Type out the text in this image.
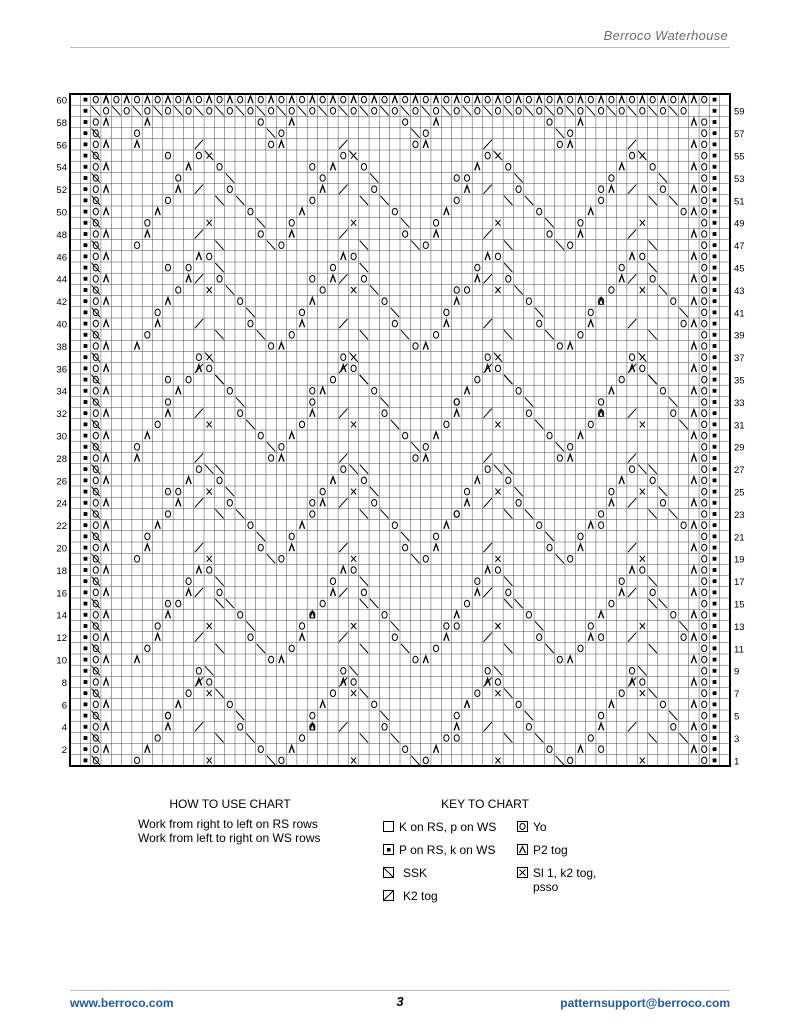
Berroco Waterhouse
60
58
56
54
52
50
48
46
44
42
40
38
36
34
32
30
28
26
24
22
20
18
16
14
12
10
8
6
4
2
59
57
55
53
51
49
47
45
43
41
39
37
35
33
31
29
27
25
23
21
19
17
15
13
11
9
7
5
3
1
HOW TO USE CHART
Work from right to left on RS rows
Work from left to right on WS rows
KEY TO CHART
K on RS, p on WS
P on RS, k on WS
SSK
K2 tog
Yo
P2 tog
Sl 1, k2 tog,
psso
www.berroco.com	3	patternsupport@berroco.com
